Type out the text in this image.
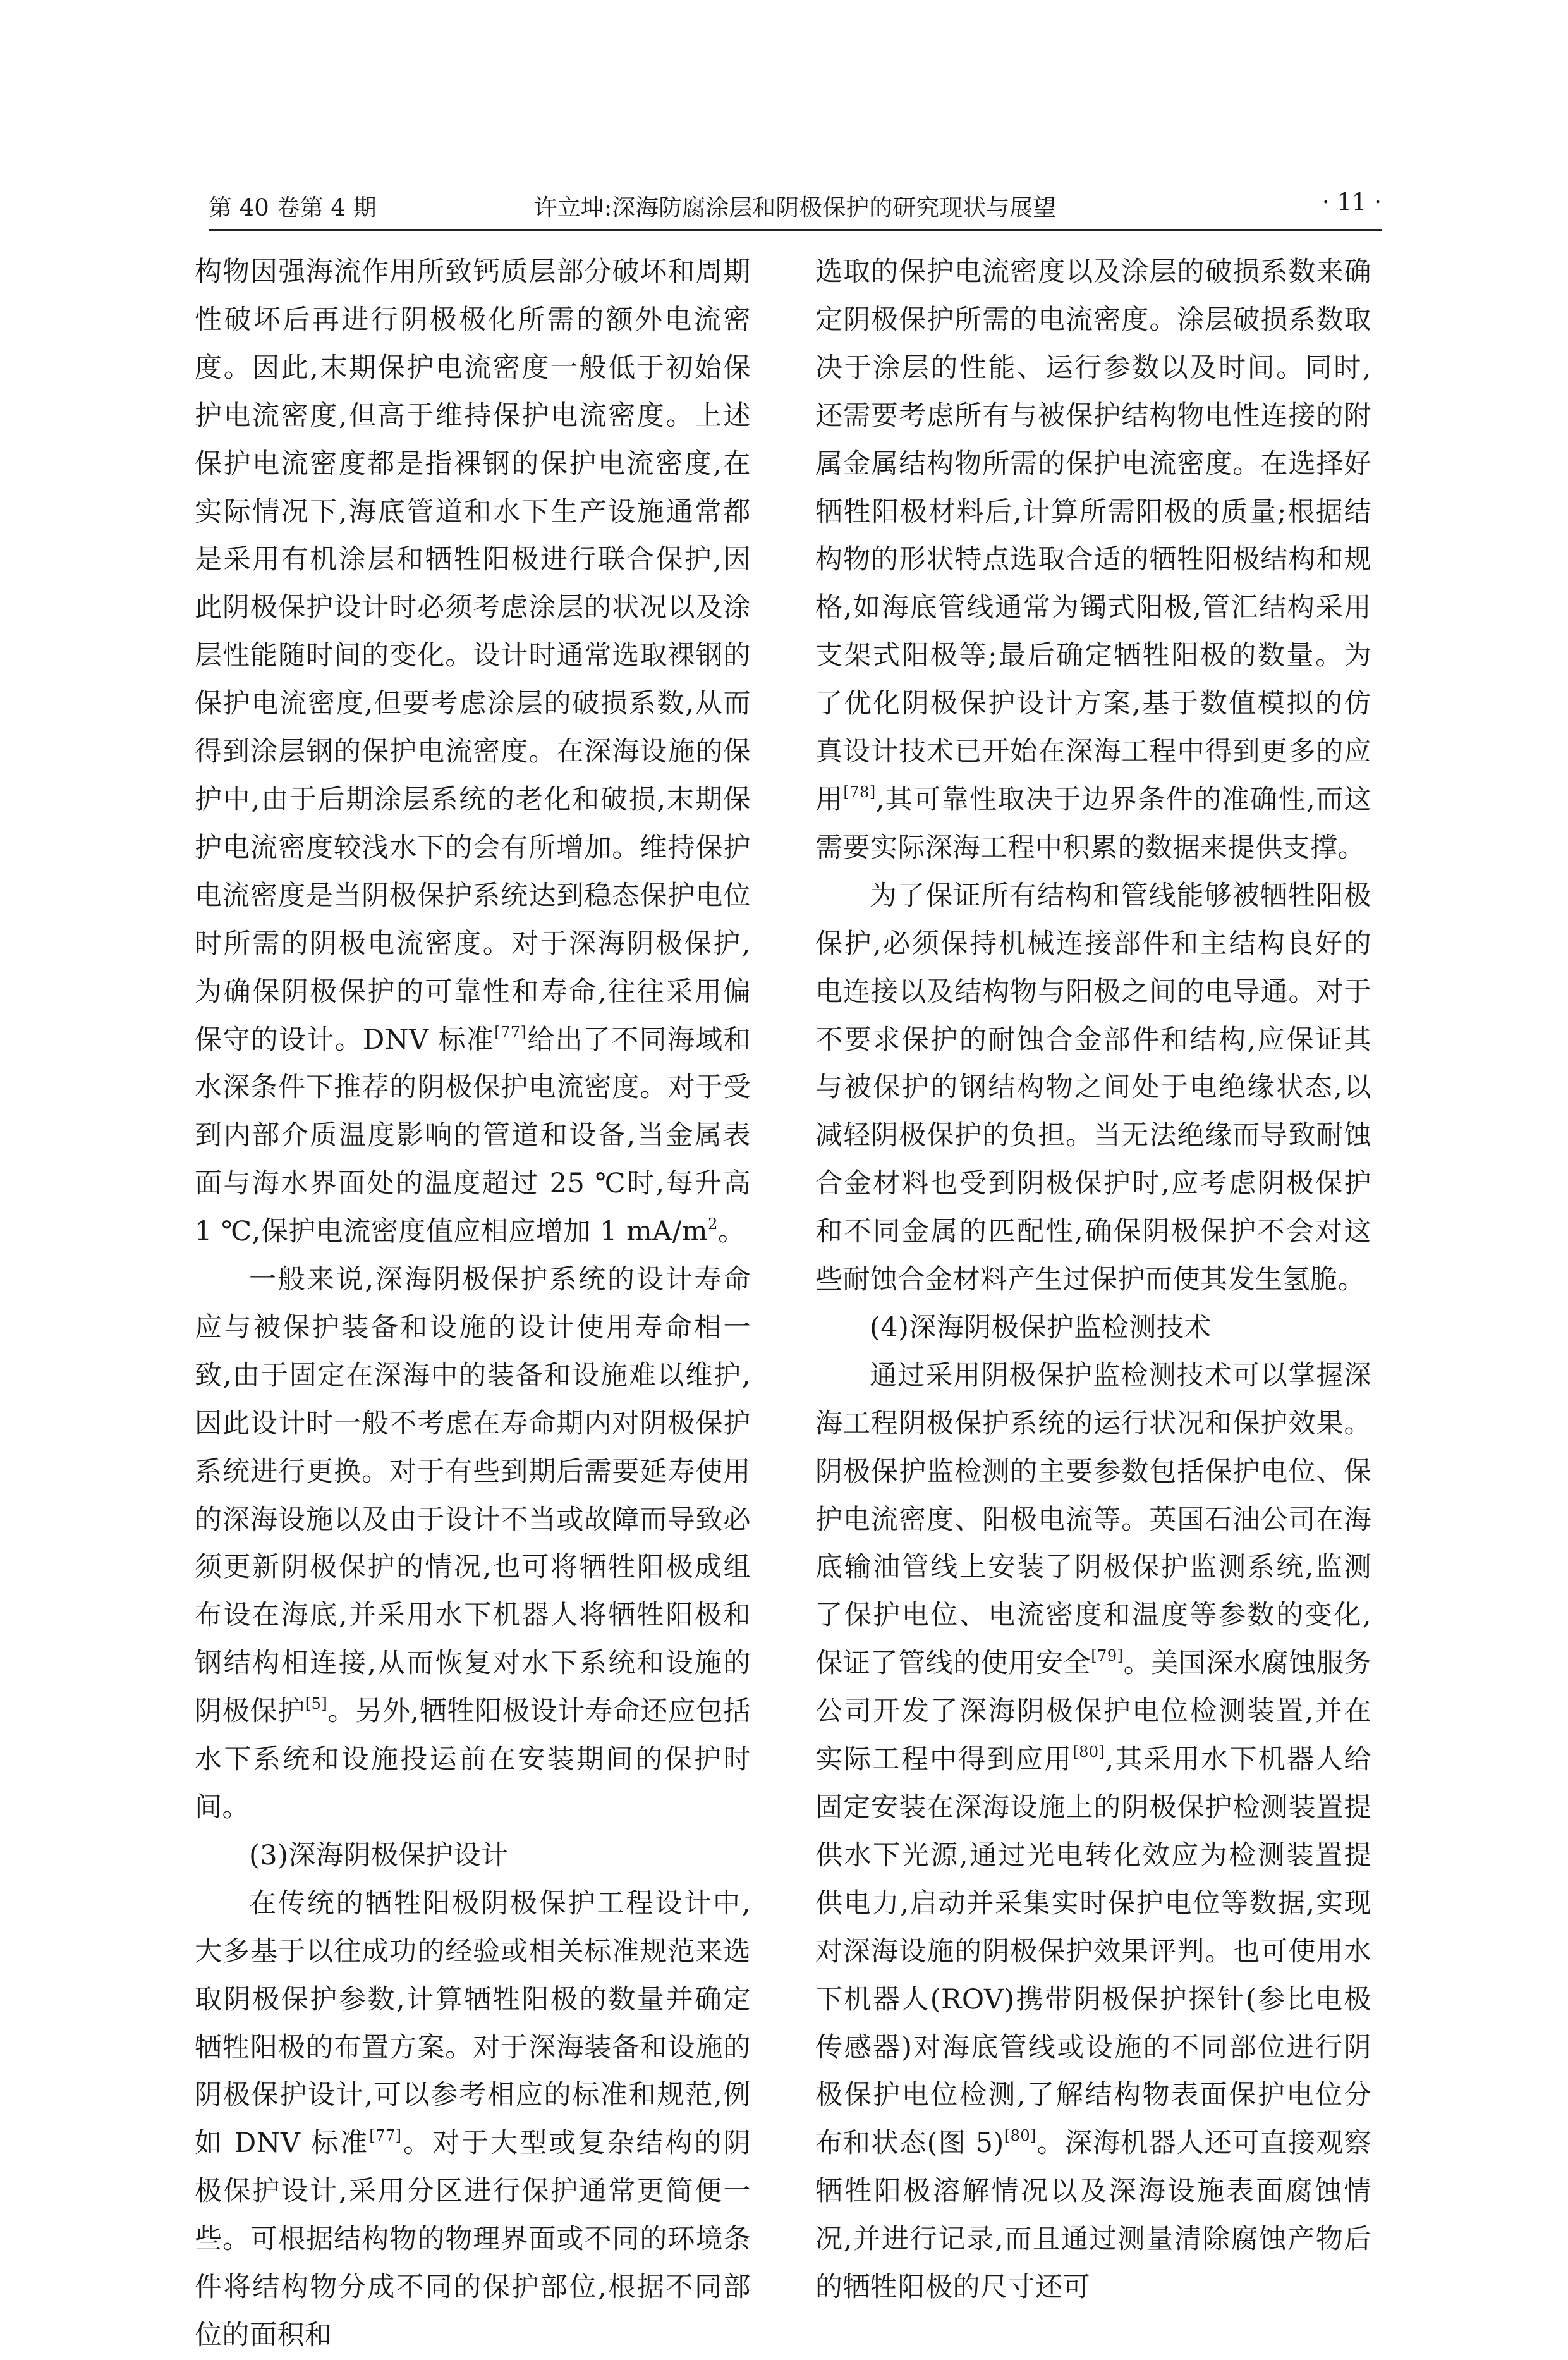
第 40 卷第 4 期	许立坤:深海防腐涂层和阴极保护的研究现状与展望	· 11 ·

构物因强海流作用所致钙质层部分破坏和周期性破坏后再进行阴极极化所需的额外电流密度。因此,末期保护电流密度一般低于初始保护电流密度,但高于维持保护电流密度。上述保护电流密度都是指裸钢的保护电流密度,在实际情况下,海底管道和水下生产设施通常都是采用有机涂层和牺牲阳极进行联合保护,因此阴极保护设计时必须考虑涂层的状况以及涂层性能随时间的变化。设计时通常选取裸钢的保护电流密度,但要考虑涂层的破损系数,从而得到涂层钢的保护电流密度。在深海设施的保护中,由于后期涂层系统的老化和破损,末期保护电流密度较浅水下的会有所增加。维持保护电流密度是当阴极保护系统达到稳态保护电位时所需的阴极电流密度。对于深海阴极保护,为确保阴极保护的可靠性和寿命,往往采用偏保守的设计。DNV 标准[77]给出了不同海域和水深条件下推荐的阴极保护电流密度。对于受到内部介质温度影响的管道和设备,当金属表面与海水界面处的温度超过 25 ℃时,每升高 1 ℃,保护电流密度值应相应增加 1 $mA/m^2$。

一般来说,深海阴极保护系统的设计寿命应与被保护装备和设施的设计使用寿命相一致,由于固定在深海中的装备和设施难以维护,因此设计时一般不考虑在寿命期内对阴极保护系统进行更换。对于有些到期后需要延寿使用的深海设施以及由于设计不当或故障而导致必须更新阴极保护的情况,也可将牺牲阳极成组布设在海底,并采用水下机器人将牺牲阳极和钢结构相连接,从而恢复对水下系统和设施的阴极保护[5]。另外,牺牲阳极设计寿命还应包括水下系统和设施投运前在安装期间的保护时间。

(3)深海阴极保护设计

在传统的牺牲阳极阴极保护工程设计中,大多基于以往成功的经验或相关标准规范来选取阴极保护参数,计算牺牲阳极的数量并确定牺牲阳极的布置方案。对于深海装备和设施的阴极保护设计,可以参考相应的标准和规范,例如 DNV 标准[77]。对于大型或复杂结构的阴极保护设计,采用分区进行保护通常更简便一些。可根据结构物的物理界面或不同的环境条件将结构物分成不同的保护部位,根据不同部位的面积和

选取的保护电流密度以及涂层的破损系数来确定阴极保护所需的电流密度。涂层破损系数取决于涂层的性能、运行参数以及时间。同时,还需要考虑所有与被保护结构物电性连接的附属金属结构物所需的保护电流密度。在选择好牺牲阳极材料后,计算所需阳极的质量;根据结构物的形状特点选取合适的牺牲阳极结构和规格,如海底管线通常为镯式阳极,管汇结构采用支架式阳极等;最后确定牺牲阳极的数量。为了优化阴极保护设计方案,基于数值模拟的仿真设计技术已开始在深海工程中得到更多的应用[78],其可靠性取决于边界条件的准确性,而这需要实际深海工程中积累的数据来提供支撑。

为了保证所有结构和管线能够被牺牲阳极保护,必须保持机械连接部件和主结构良好的电连接以及结构物与阳极之间的电导通。对于不要求保护的耐蚀合金部件和结构,应保证其与被保护的钢结构物之间处于电绝缘状态,以减轻阴极保护的负担。当无法绝缘而导致耐蚀合金材料也受到阴极保护时,应考虑阴极保护和不同金属的匹配性,确保阴极保护不会对这些耐蚀合金材料产生过保护而使其发生氢脆。

(4)深海阴极保护监检测技术

通过采用阴极保护监检测技术可以掌握深海工程阴极保护系统的运行状况和保护效果。阴极保护监检测的主要参数包括保护电位、保护电流密度、阳极电流等。英国石油公司在海底输油管线上安装了阴极保护监测系统,监测了保护电位、电流密度和温度等参数的变化,保证了管线的使用安全[79]。美国深水腐蚀服务公司开发了深海阴极保护电位检测装置,并在实际工程中得到应用[80],其采用水下机器人给固定安装在深海设施上的阴极保护检测装置提供水下光源,通过光电转化效应为检测装置提供电力,启动并采集实时保护电位等数据,实现对深海设施的阴极保护效果评判。也可使用水下机器人(ROV)携带阴极保护探针(参比电极传感器)对海底管线或设施的不同部位进行阴极保护电位检测,了解结构物表面保护电位分布和状态(图 5)[80]。深海机器人还可直接观察牺牲阳极溶解情况以及深海设施表面腐蚀情况,并进行记录,而且通过测量清除腐蚀产物后的牺牲阳极的尺寸还可
